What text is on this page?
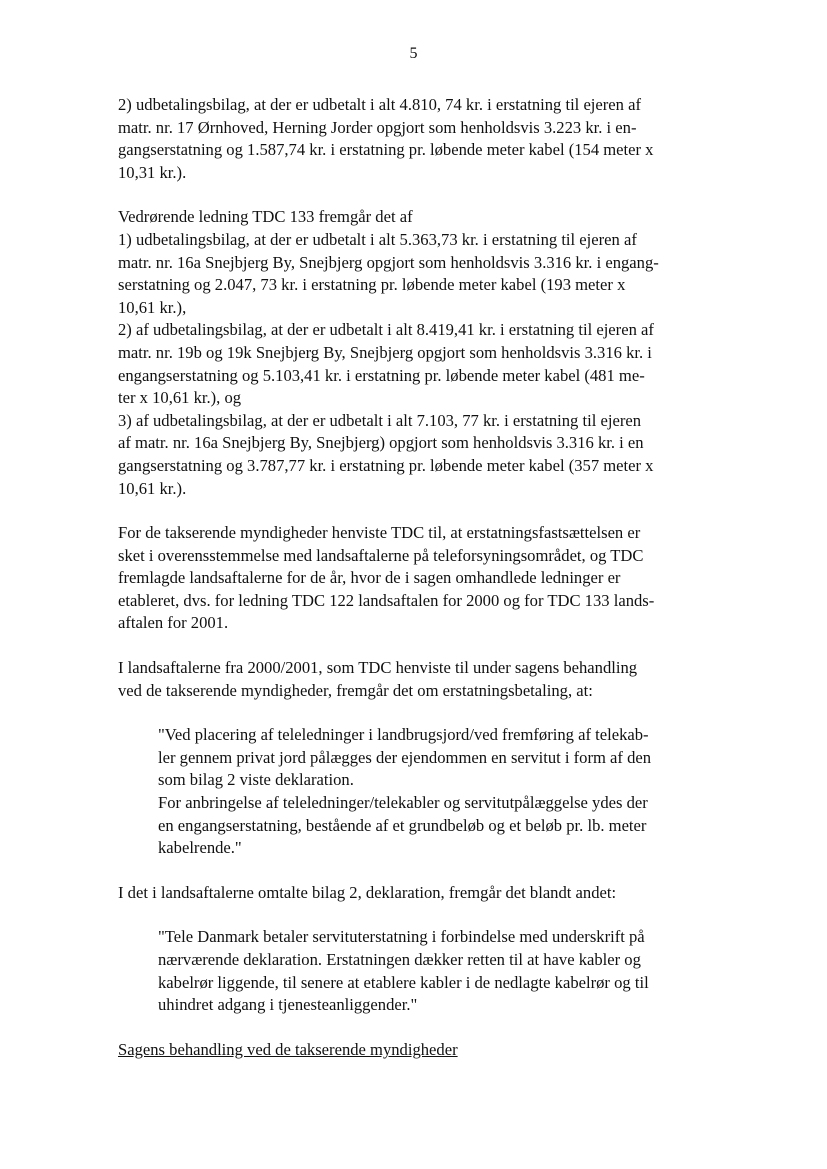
5

2) udbetalingsbilag, at der er udbetalt i alt 4.810, 74 kr. i erstatning til ejeren af
matr. nr. 17 Ørnhoved, Herning Jorder opgjort som henholdsvis 3.223 kr. i en-
gangserstatning og 1.587,74 kr. i erstatning pr. løbende meter kabel (154 meter x
10,31 kr.).

Vedrørende ledning TDC 133 fremgår det af
1) udbetalingsbilag, at der er udbetalt i alt 5.363,73 kr. i erstatning til ejeren af
matr. nr. 16a Snejbjerg By, Snejbjerg opgjort som henholdsvis 3.316 kr. i engang-
serstatning og 2.047, 73 kr. i erstatning pr. løbende meter kabel (193 meter x
10,61 kr.),
2) af udbetalingsbilag, at der er udbetalt i alt 8.419,41 kr. i erstatning til ejeren af
matr. nr. 19b og 19k Snejbjerg By, Snejbjerg opgjort som henholdsvis 3.316 kr. i
engangserstatning og 5.103,41 kr. i erstatning pr. løbende meter kabel (481 me-
ter x 10,61 kr.), og
3) af udbetalingsbilag, at der er udbetalt i alt 7.103, 77 kr. i erstatning til ejeren
af matr. nr. 16a Snejbjerg By, Snejbjerg) opgjort som henholdsvis 3.316 kr. i en
gangserstatning og 3.787,77 kr. i erstatning pr. løbende meter kabel (357 meter x
10,61 kr.).

For de takserende myndigheder henviste TDC til, at erstatningsfastsættelsen er
sket i overensstemmelse med landsaftalerne på teleforsyningsområdet, og TDC
fremlagde landsaftalerne for de år, hvor de i sagen omhandlede ledninger er
etableret, dvs. for ledning TDC 122 landsaftalen for 2000 og for TDC 133 lands-
aftalen for 2001.

I landsaftalerne fra 2000/2001, som TDC henviste til under sagens behandling
ved de takserende myndigheder, fremgår det om erstatningsbetaling, at:

"Ved placering af teleledninger i landbrugsjord/ved fremføring af telekab-
ler gennem privat jord pålægges der ejendommen en servitut i form af den
som bilag 2 viste deklaration.
For anbringelse af teleledninger/telekabler og servitutpålæggelse ydes der
en engangserstatning, bestående af et grundbeløb og et beløb pr. lb. meter
kabelrende."

I det i landsaftalerne omtalte bilag 2, deklaration, fremgår det blandt andet:

"Tele Danmark betaler servituterstatning i forbindelse med underskrift på
nærværende deklaration. Erstatningen dækker retten til at have kabler og
kabelrør liggende, til senere at etablere kabler i de nedlagte kabelrør og til
uhindret adgang i tjenesteanliggender."

Sagens behandling ved de takserende myndigheder
